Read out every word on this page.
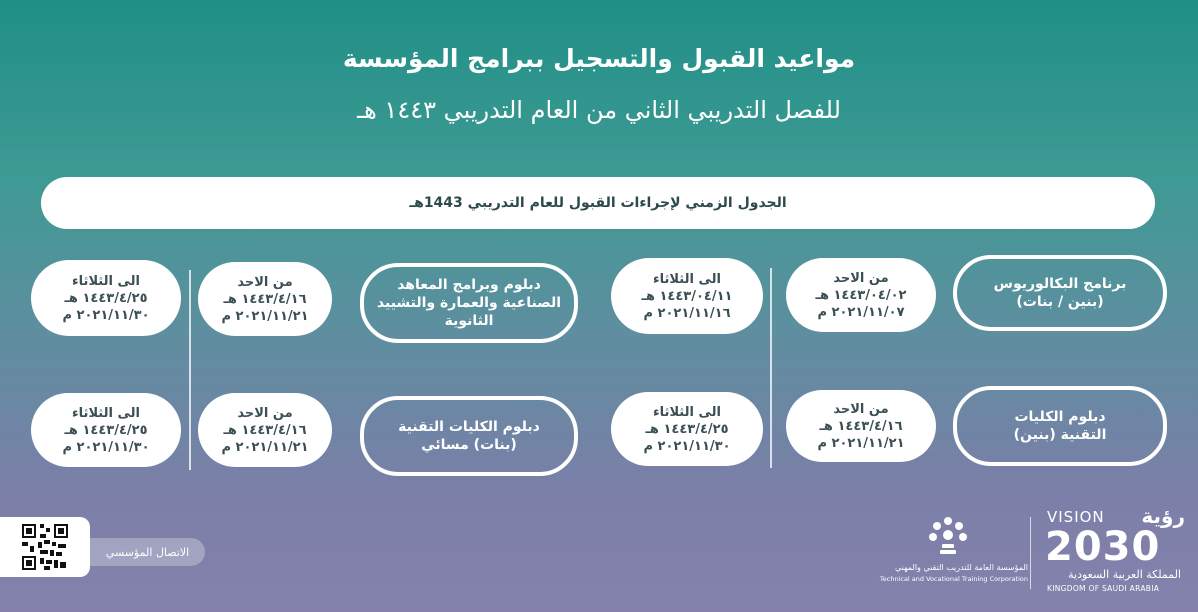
مواعيد القبول والتسجيل ببرامج المؤسسة
للفصل التدريبي الثاني من العام التدريبي ١٤٤٣ هـ
الجدول الزمني لإجراءات القبول للعام التدريبي 1443هـ
برنامج البكالوريوس
(بنين / بنات)
من الاحد
١٤٤٣/٠٤/٠٢ هـ
٢٠٢١/١١/٠٧ م
الى الثلاثاء
١٤٤٣/٠٤/١١ هـ
٢٠٢١/١١/١٦ م
دبلوم وبرامج المعاهد
الصناعية والعمارة والتشييد
الثانوية
من الاحد
١٤٤٣/٤/١٦ هـ
٢٠٢١/١١/٢١ م
الى الثلاثاء
١٤٤٣/٤/٢٥ هـ
٢٠٢١/١١/٣٠ م
دبلوم الكليات
التقنية (بنين)
من الاحد
١٤٤٣/٤/١٦ هـ
٢٠٢١/١١/٢١ م
الى الثلاثاء
١٤٤٣/٤/٢٥ هـ
٢٠٢١/١١/٣٠ م
دبلوم الكليات التقنية
(بنات) مسائي
من الاحد
١٤٤٣/٤/١٦ هـ
٢٠٢١/١١/٢١ م
الى الثلاثاء
١٤٤٣/٤/٢٥ هـ
٢٠٢١/١١/٣٠ م
الاتصال المؤسسي
المؤسسة العامة للتدريب التقني والمهني
Technical and Vocational Training Corporation
VISION رؤية
2030
المملكة العربية السعودية
KINGDOM OF SAUDI ARABIA
